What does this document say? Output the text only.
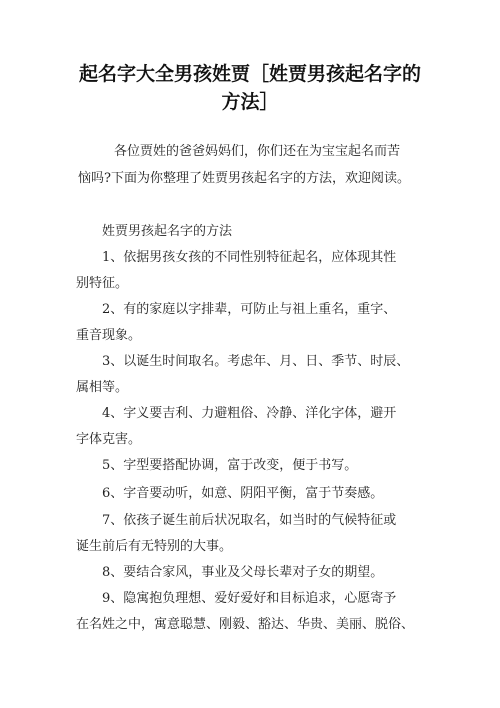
起名字大全男孩姓贾［姓贾男孩起名字的
方法］
各位贾姓的爸爸妈妈们，你们还在为宝宝起名而苦
恼吗?下面为你整理了姓贾男孩起名字的方法，欢迎阅读。
姓贾男孩起名字的方法
1、依据男孩女孩的不同性别特征起名，应体现其性
别特征。
2、有的家庭以字排辈，可防止与祖上重名，重字、
重音现象。
3、以诞生时间取名。考虑年、月、日、季节、时辰、
属相等。
4、字义要吉利、力避粗俗、冷静、洋化字体，避开
字体克害。
5、字型要搭配协调，富于改变，便于书写。
6、字音要动听，如意、阴阳平衡，富于节奏感。
7、依孩子诞生前后状况取名，如当时的气候特征或
诞生前后有无特别的大事。
8、要结合家风，事业及父母长辈对子女的期望。
9、隐寓抱负理想、爱好爱好和目标追求，心愿寄予
在名姓之中，寓意聪慧、刚毅、豁达、华贵、美丽、脱俗、
